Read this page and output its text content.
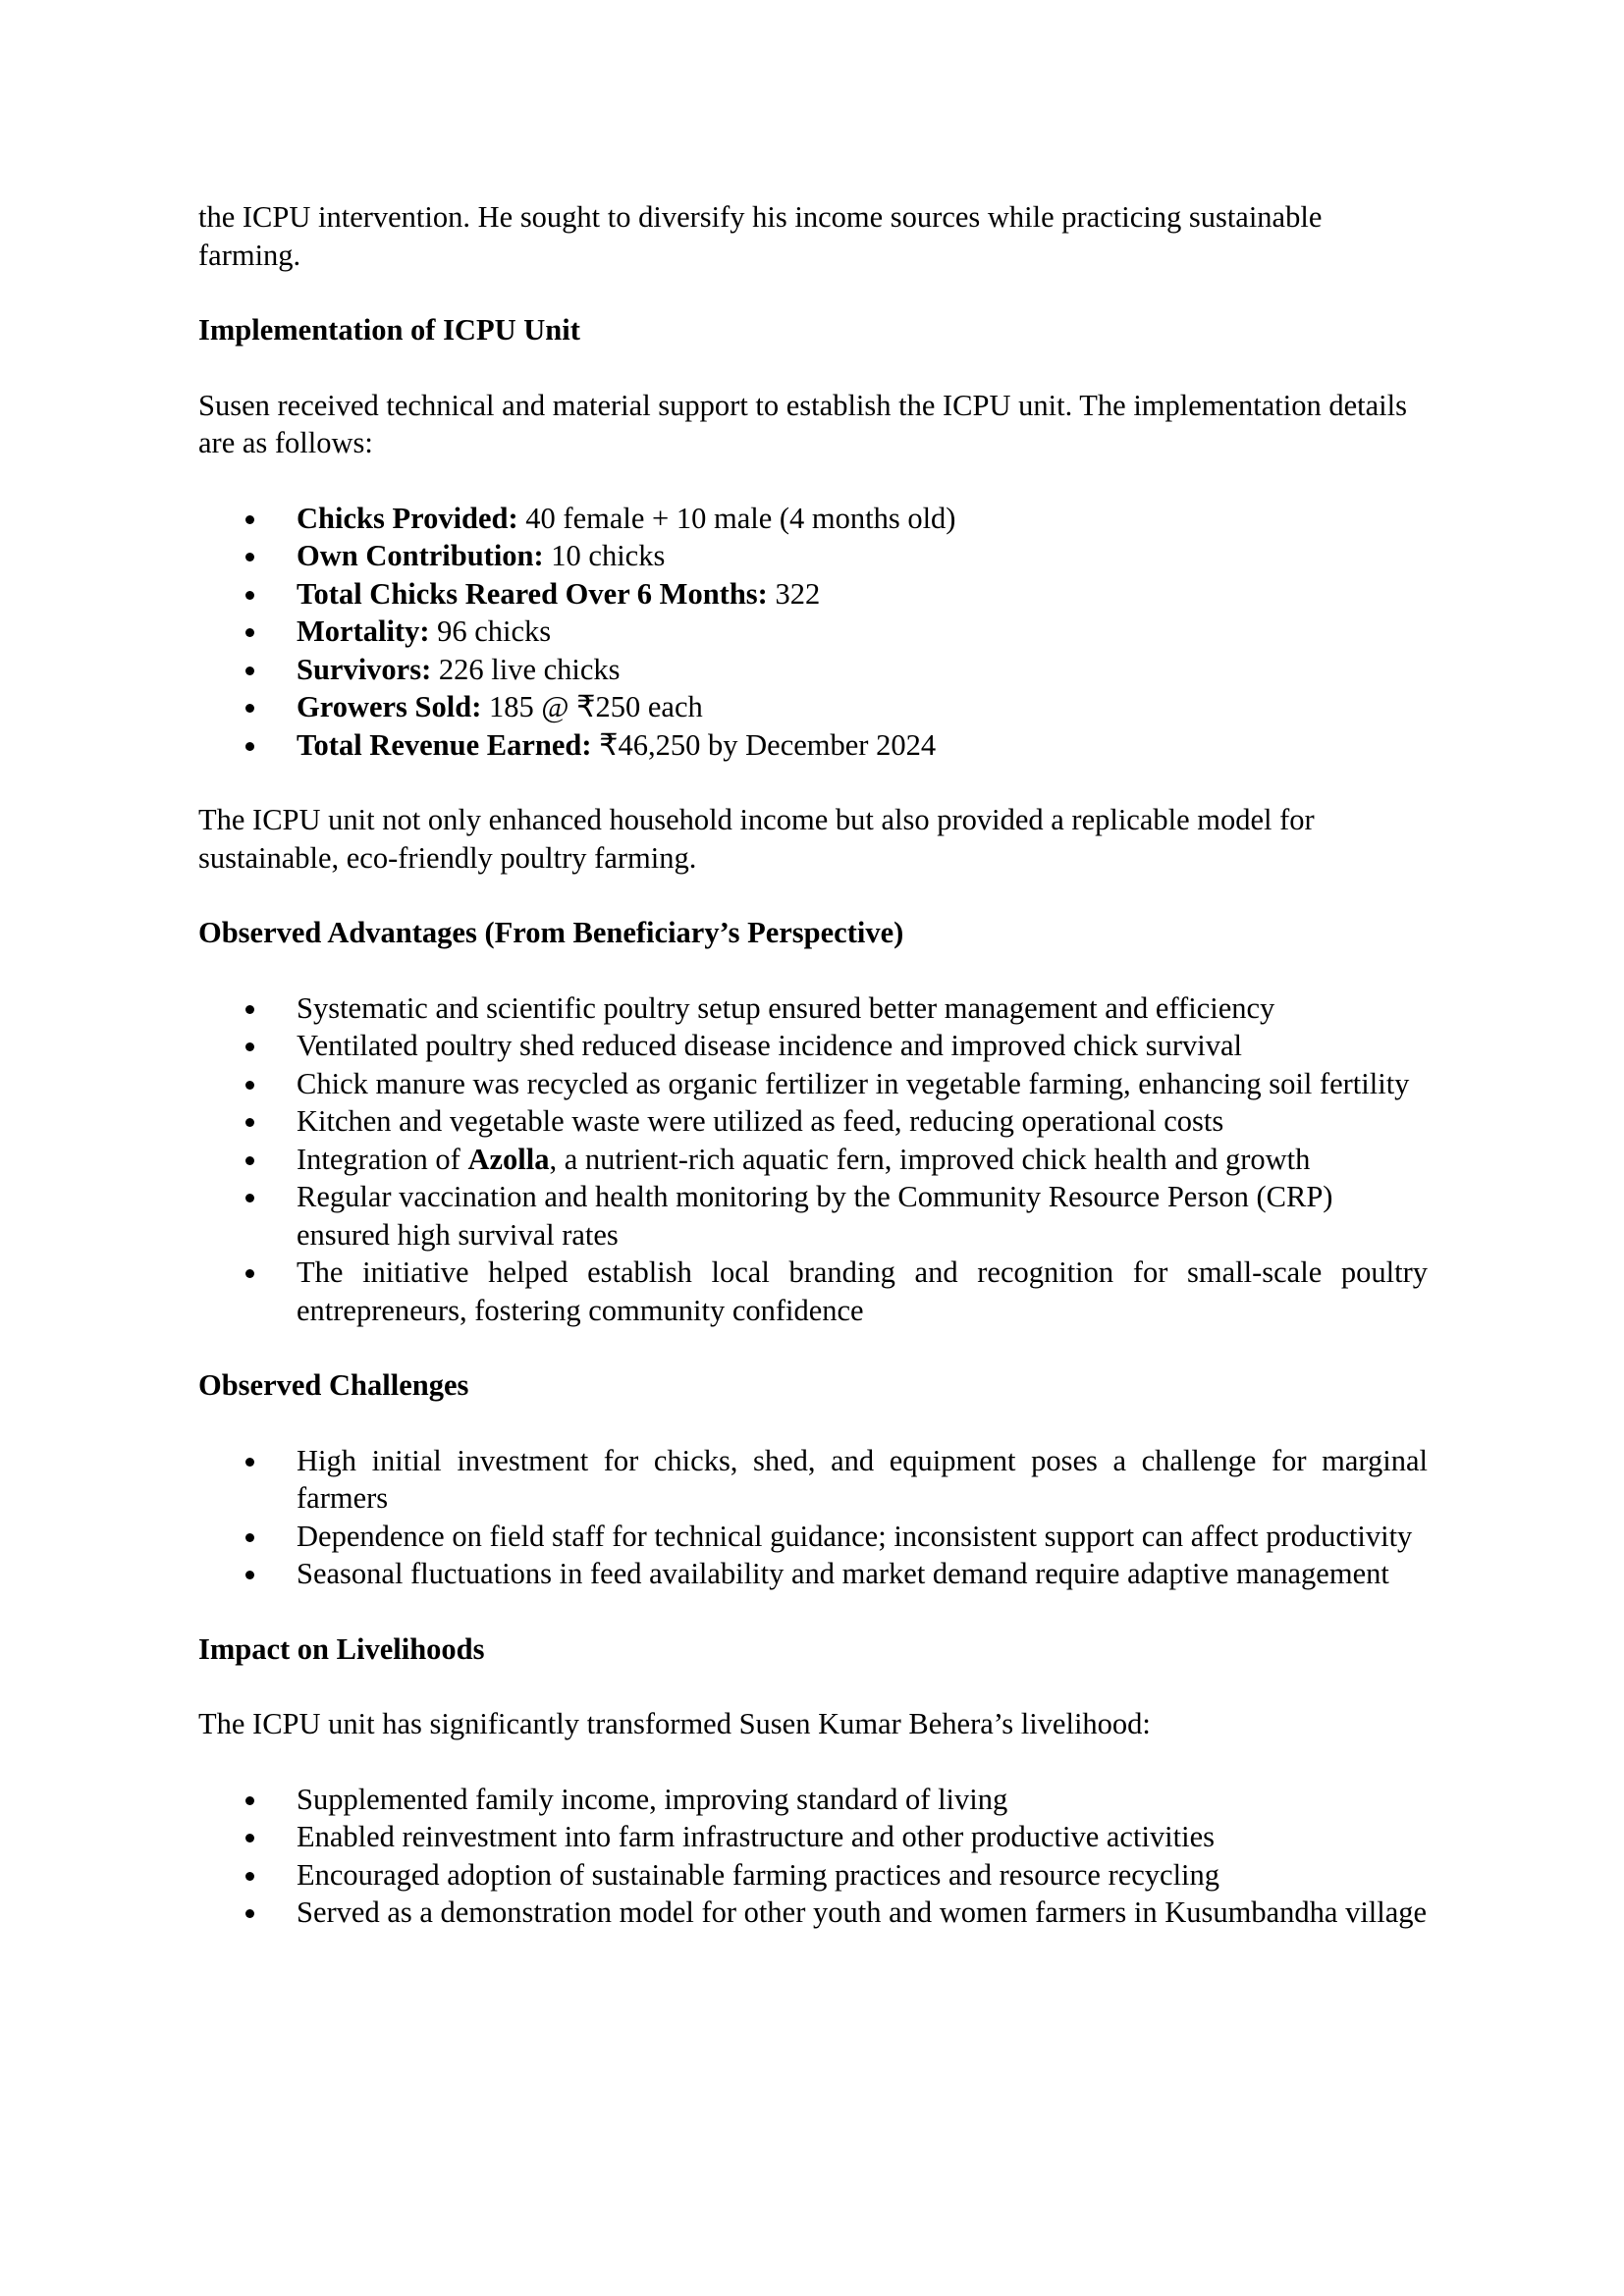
the ICPU intervention. He sought to diversify his income sources while practicing sustainable farming.

Implementation of ICPU Unit

Susen received technical and material support to establish the ICPU unit. The implementation details are as follows:

Chicks Provided: 40 female + 10 male (4 months old)
Own Contribution: 10 chicks
Total Chicks Reared Over 6 Months: 322
Mortality: 96 chicks
Survivors: 226 live chicks
Growers Sold: 185 @ ₹250 each
Total Revenue Earned: ₹46,250 by December 2024

The ICPU unit not only enhanced household income but also provided a replicable model for sustainable, eco-friendly poultry farming.

Observed Advantages (From Beneficiary’s Perspective)

Systematic and scientific poultry setup ensured better management and efficiency
Ventilated poultry shed reduced disease incidence and improved chick survival
Chick manure was recycled as organic fertilizer in vegetable farming, enhancing soil fertility
Kitchen and vegetable waste were utilized as feed, reducing operational costs
Integration of Azolla, a nutrient-rich aquatic fern, improved chick health and growth
Regular vaccination and health monitoring by the Community Resource Person (CRP) ensured high survival rates
The initiative helped establish local branding and recognition for small-scale poultry entrepreneurs, fostering community confidence

Observed Challenges

High initial investment for chicks, shed, and equipment poses a challenge for marginal farmers
Dependence on field staff for technical guidance; inconsistent support can affect productivity
Seasonal fluctuations in feed availability and market demand require adaptive management

Impact on Livelihoods

The ICPU unit has significantly transformed Susen Kumar Behera’s livelihood:

Supplemented family income, improving standard of living
Enabled reinvestment into farm infrastructure and other productive activities
Encouraged adoption of sustainable farming practices and resource recycling
Served as a demonstration model for other youth and women farmers in Kusumbandha village
